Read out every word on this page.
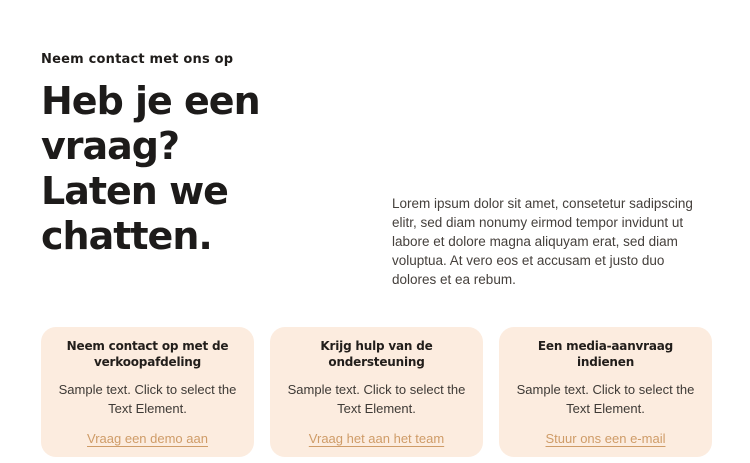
Neem contact met ons op
Heb je een
vraag?
Laten we
chatten.

Lorem ipsum dolor sit amet, consetetur sadipscing elitr, sed diam nonumy eirmod tempor invidunt ut labore et dolore magna aliquyam erat, sed diam voluptua. At vero eos et accusam et justo duo dolores et ea rebum.

Neem contact op met de verkoopafdeling
Sample text. Click to select the Text Element.
Vraag een demo aan
Krijg hulp van de ondersteuning
Sample text. Click to select the Text Element.
Vraag het aan het team
Een media-aanvraag indienen
Sample text. Click to select the Text Element.
Stuur ons een e-mail
